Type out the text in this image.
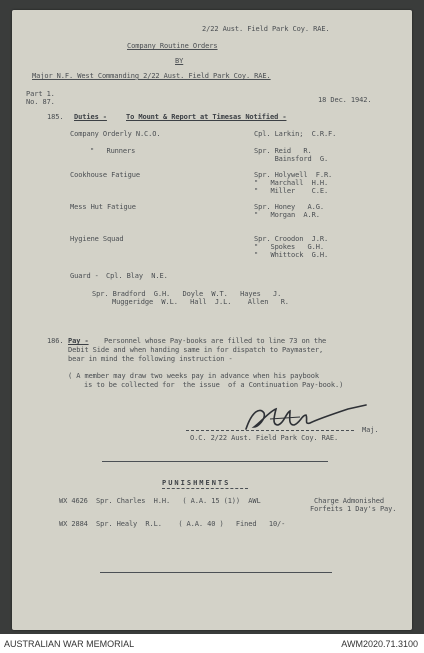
2/22 Aust. Field Park Coy. RAE.
Company Routine Orders
BY
Major N.F. West Commanding 2/22 Aust. Field Park Coy. RAE.
Part 1.
No. 87.	18 Dec. 1942.
185. Duties -	To Mount & Report at Timesas Notified -
Company Orderly N.C.O.	Cpl. Larkin;  C.R.F.
"   Runners	Spr. Reid   R.
Bainsford  G.
Cookhouse Fatigue	Spr. Holywell  F.R.
"   Marchall  H.H.
"   Miller    C.E.
Mess Hut Fatigue	Spr. Honey   A.G.
"   Morgan  A.R.
Hygiene Squad	Spr. Croodon  J.R.
"   Spokes   G.H.
"   Whittock  G.H.
Guard - Cpl. Blay  N.E.
Spr. Bradford  G.H.   Doyle  W.T.   Hayes   J.
Muggeridge  W.L.   Hall  J.L.    Allen   R.
186. Pay - Personnel whose Pay-books are filled to line 73 on the
Debit Side and when handing same in for dispatch to Paymaster,
bear in mind the following instruction -
( A member may draw two weeks pay in advance when his paybook
is to be collected for  the issue  of a Continuation Pay-book.)
Maj.
O.C. 2/22 Aust. Field Park Coy. RAE.
PUNISHMENTS
WX 4626  Spr. Charles  H.H.   ( A.A. 15 (1))  AWL	Charge Admonished
Forfeits 1 Day's Pay.
WX 2884  Spr. Healy  R.L.    ( A.A. 40 )   Fined   10/-
AUSTRALIAN WAR MEMORIAL	AWM2020.71.3100
